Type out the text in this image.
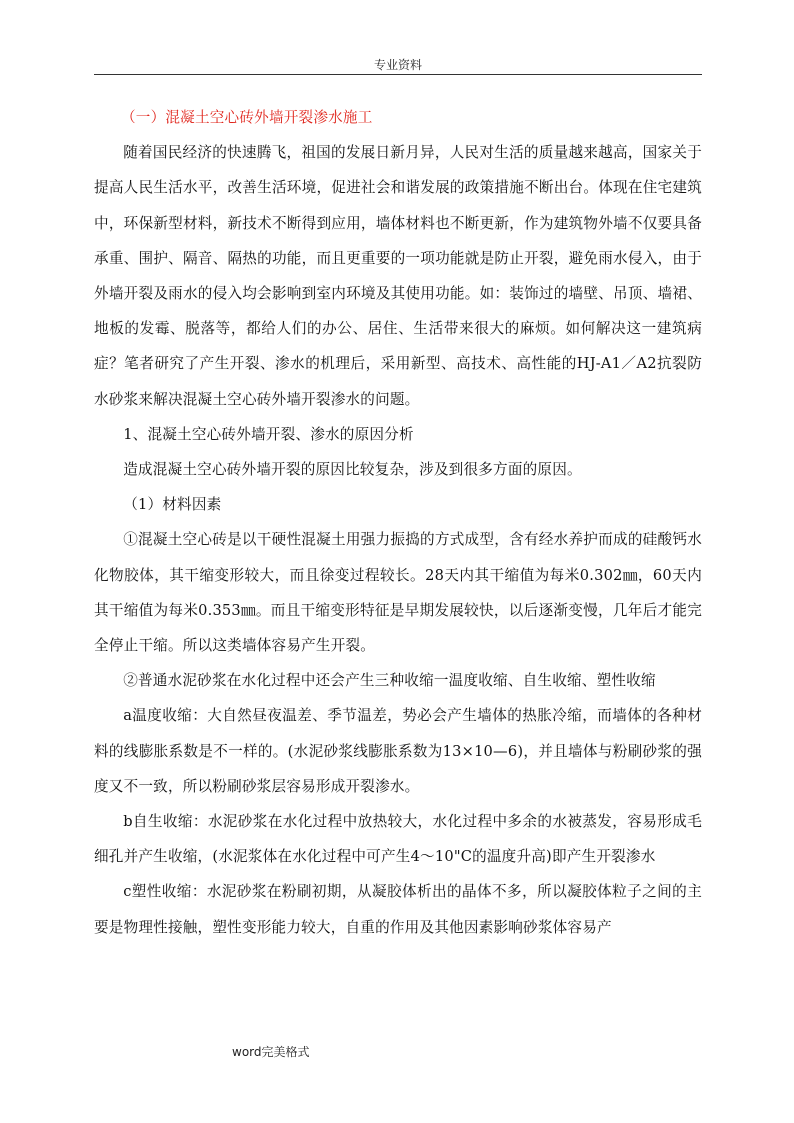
专业资料

（一）混凝土空心砖外墙开裂渗水施工

随着国民经济的快速腾飞，祖国的发展日新月异，人民对生活的质量越来越高，国家关于提高人民生活水平，改善生活环境，促进社会和谐发展的政策措施不断出台。体现在住宅建筑中，环保新型材料，新技术不断得到应用，墙体材料也不断更新，作为建筑物外墙不仅要具备承重、围护、隔音、隔热的功能，而且更重要的一项功能就是防止开裂，避免雨水侵入，由于外墙开裂及雨水的侵入均会影响到室内环境及其使用功能。如：装饰过的墙壁、吊顶、墙裙、地板的发霉、脱落等，都给人们的办公、居住、生活带来很大的麻烦。如何解决这一建筑病症？笔者研究了产生开裂、渗水的机理后，采用新型、高技术、高性能的HJ-A1／A2抗裂防水砂浆来解决混凝土空心砖外墙开裂渗水的问题。

1、混凝土空心砖外墙开裂、渗水的原因分析

造成混凝土空心砖外墙开裂的原因比较复杂，涉及到很多方面的原因。

（1）材料因素

①混凝土空心砖是以干硬性混凝土用强力振捣的方式成型，含有经水养护而成的硅酸钙水化物胶体，其干缩变形较大，而且徐变过程较长。28天内其干缩值为每米0.302㎜，60天内其干缩值为每米0.353㎜。而且干缩变形特征是早期发展较快，以后逐渐变慢，几年后才能完全停止干缩。所以这类墙体容易产生开裂。

②普通水泥砂浆在水化过程中还会产生三种收缩一温度收缩、自生收缩、塑性收缩

a温度收缩：大自然昼夜温差、季节温差，势必会产生墙体的热胀冷缩，而墙体的各种材料的线膨胀系数是不一样的。(水泥砂浆线膨胀系数为13×10—6)，并且墙体与粉刷砂浆的强度又不一致，所以粉刷砂浆层容易形成开裂渗水。

b自生收缩：水泥砂浆在水化过程中放热较大，水化过程中多余的水被蒸发，容易形成毛细孔并产生收缩，(水泥浆体在水化过程中可产生4～10"C的温度升高)即产生开裂渗水

c塑性收缩：水泥砂浆在粉刷初期，从凝胶体析出的晶体不多，所以凝胶体粒子之间的主要是物理性接触，塑性变形能力较大，自重的作用及其他因素影响砂浆体容易产

word完美格式
